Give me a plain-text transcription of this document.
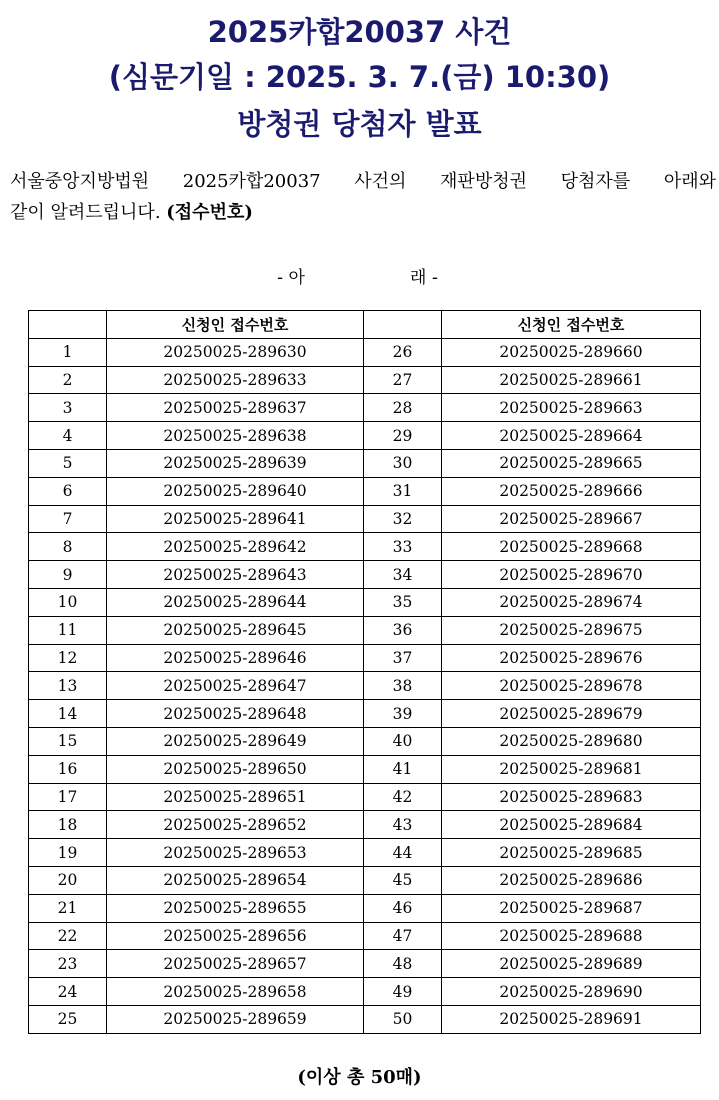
2025카합20037 사건
(심문기일 : 2025. 3. 7.(금) 10:30)
방청권 당첨자 발표
서울중앙지방법원 2025카합20037 사건의 재판방청권 당첨자를 아래와
같이 알려드립니다. (접수번호)
- 아	래 -
	신청인 접수번호		신청인 접수번호
1	20250025-289630	26	20250025-289660
2	20250025-289633	27	20250025-289661
3	20250025-289637	28	20250025-289663
4	20250025-289638	29	20250025-289664
5	20250025-289639	30	20250025-289665
6	20250025-289640	31	20250025-289666
7	20250025-289641	32	20250025-289667
8	20250025-289642	33	20250025-289668
9	20250025-289643	34	20250025-289670
10	20250025-289644	35	20250025-289674
11	20250025-289645	36	20250025-289675
12	20250025-289646	37	20250025-289676
13	20250025-289647	38	20250025-289678
14	20250025-289648	39	20250025-289679
15	20250025-289649	40	20250025-289680
16	20250025-289650	41	20250025-289681
17	20250025-289651	42	20250025-289683
18	20250025-289652	43	20250025-289684
19	20250025-289653	44	20250025-289685
20	20250025-289654	45	20250025-289686
21	20250025-289655	46	20250025-289687
22	20250025-289656	47	20250025-289688
23	20250025-289657	48	20250025-289689
24	20250025-289658	49	20250025-289690
25	20250025-289659	50	20250025-289691
(이상 총 50매)
